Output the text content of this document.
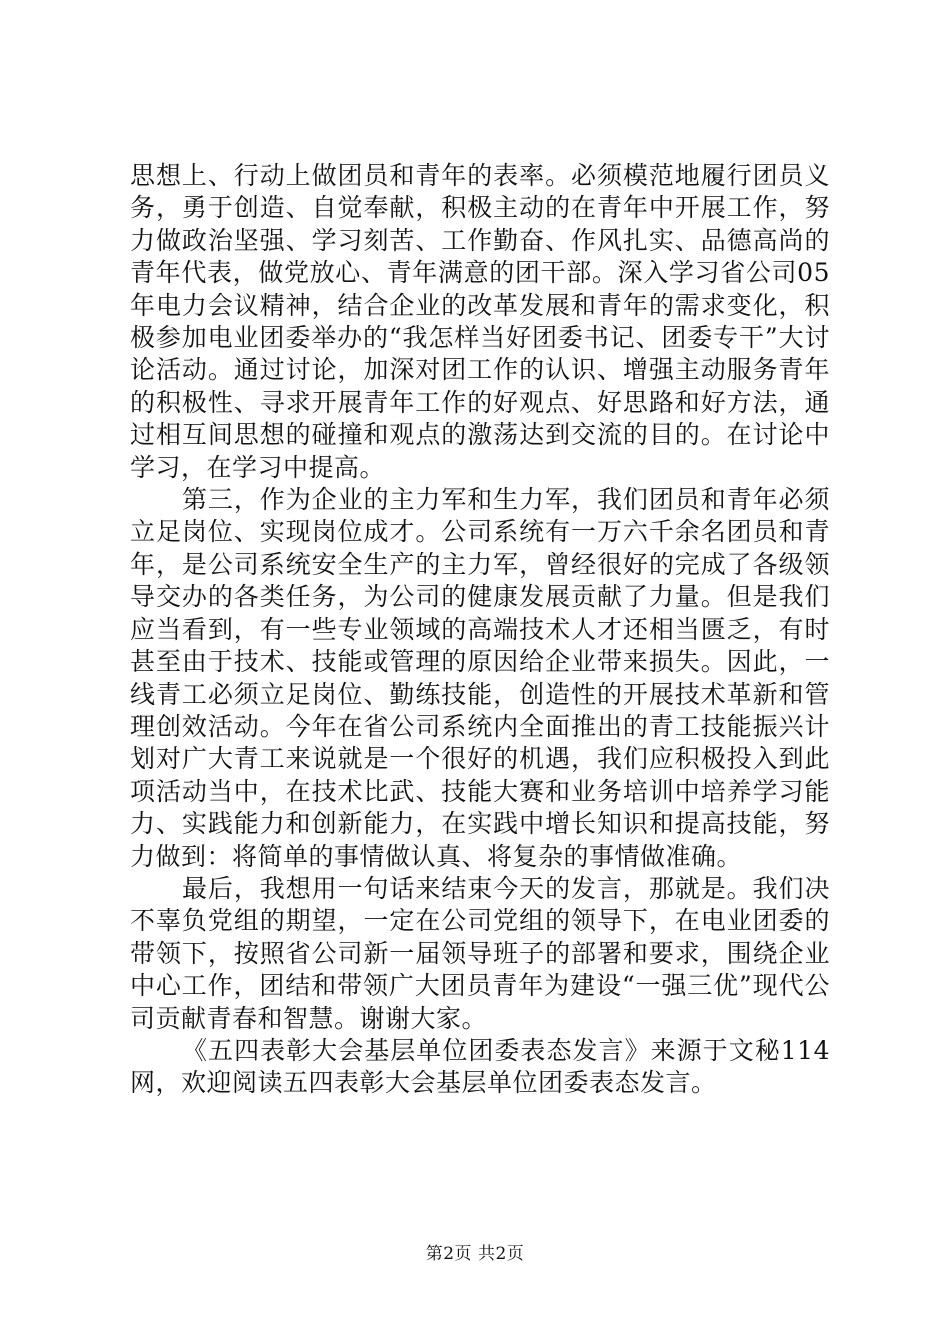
思想上、行动上做团员和青年的表率。必须模范地履行团员义务，勇于创造、自觉奉献，积极主动的在青年中开展工作，努力做政治坚强、学习刻苦、工作勤奋、作风扎实、品德高尚的青年代表，做党放心、青年满意的团干部。深入学习省公司05年电力会议精神，结合企业的改革发展和青年的需求变化，积极参加电业团委举办的“我怎样当好团委书记、团委专干”大讨论活动。通过讨论，加深对团工作的认识、增强主动服务青年的积极性、寻求开展青年工作的好观点、好思路和好方法，通过相互间思想的碰撞和观点的激荡达到交流的目的。在讨论中学习，在学习中提高。

第三，作为企业的主力军和生力军，我们团员和青年必须立足岗位、实现岗位成才。公司系统有一万六千余名团员和青年，是公司系统安全生产的主力军，曾经很好的完成了各级领导交办的各类任务，为公司的健康发展贡献了力量。但是我们应当看到，有一些专业领域的高端技术人才还相当匮乏，有时甚至由于技术、技能或管理的原因给企业带来损失。因此，一线青工必须立足岗位、勤练技能，创造性的开展技术革新和管理创效活动。今年在省公司系统内全面推出的青工技能振兴计划对广大青工来说就是一个很好的机遇，我们应积极投入到此项活动当中，在技术比武、技能大赛和业务培训中培养学习能力、实践能力和创新能力，在实践中增长知识和提高技能，努力做到：将简单的事情做认真、将复杂的事情做准确。

最后，我想用一句话来结束今天的发言，那就是。我们决不辜负党组的期望，一定在公司党组的领导下，在电业团委的带领下，按照省公司新一届领导班子的部署和要求，围绕企业中心工作，团结和带领广大团员青年为建设“一强三优”现代公司贡献青春和智慧。谢谢大家。

《五四表彰大会基层单位团委表态发言》来源于文秘114网，欢迎阅读五四表彰大会基层单位团委表态发言。

第2页 共2页
